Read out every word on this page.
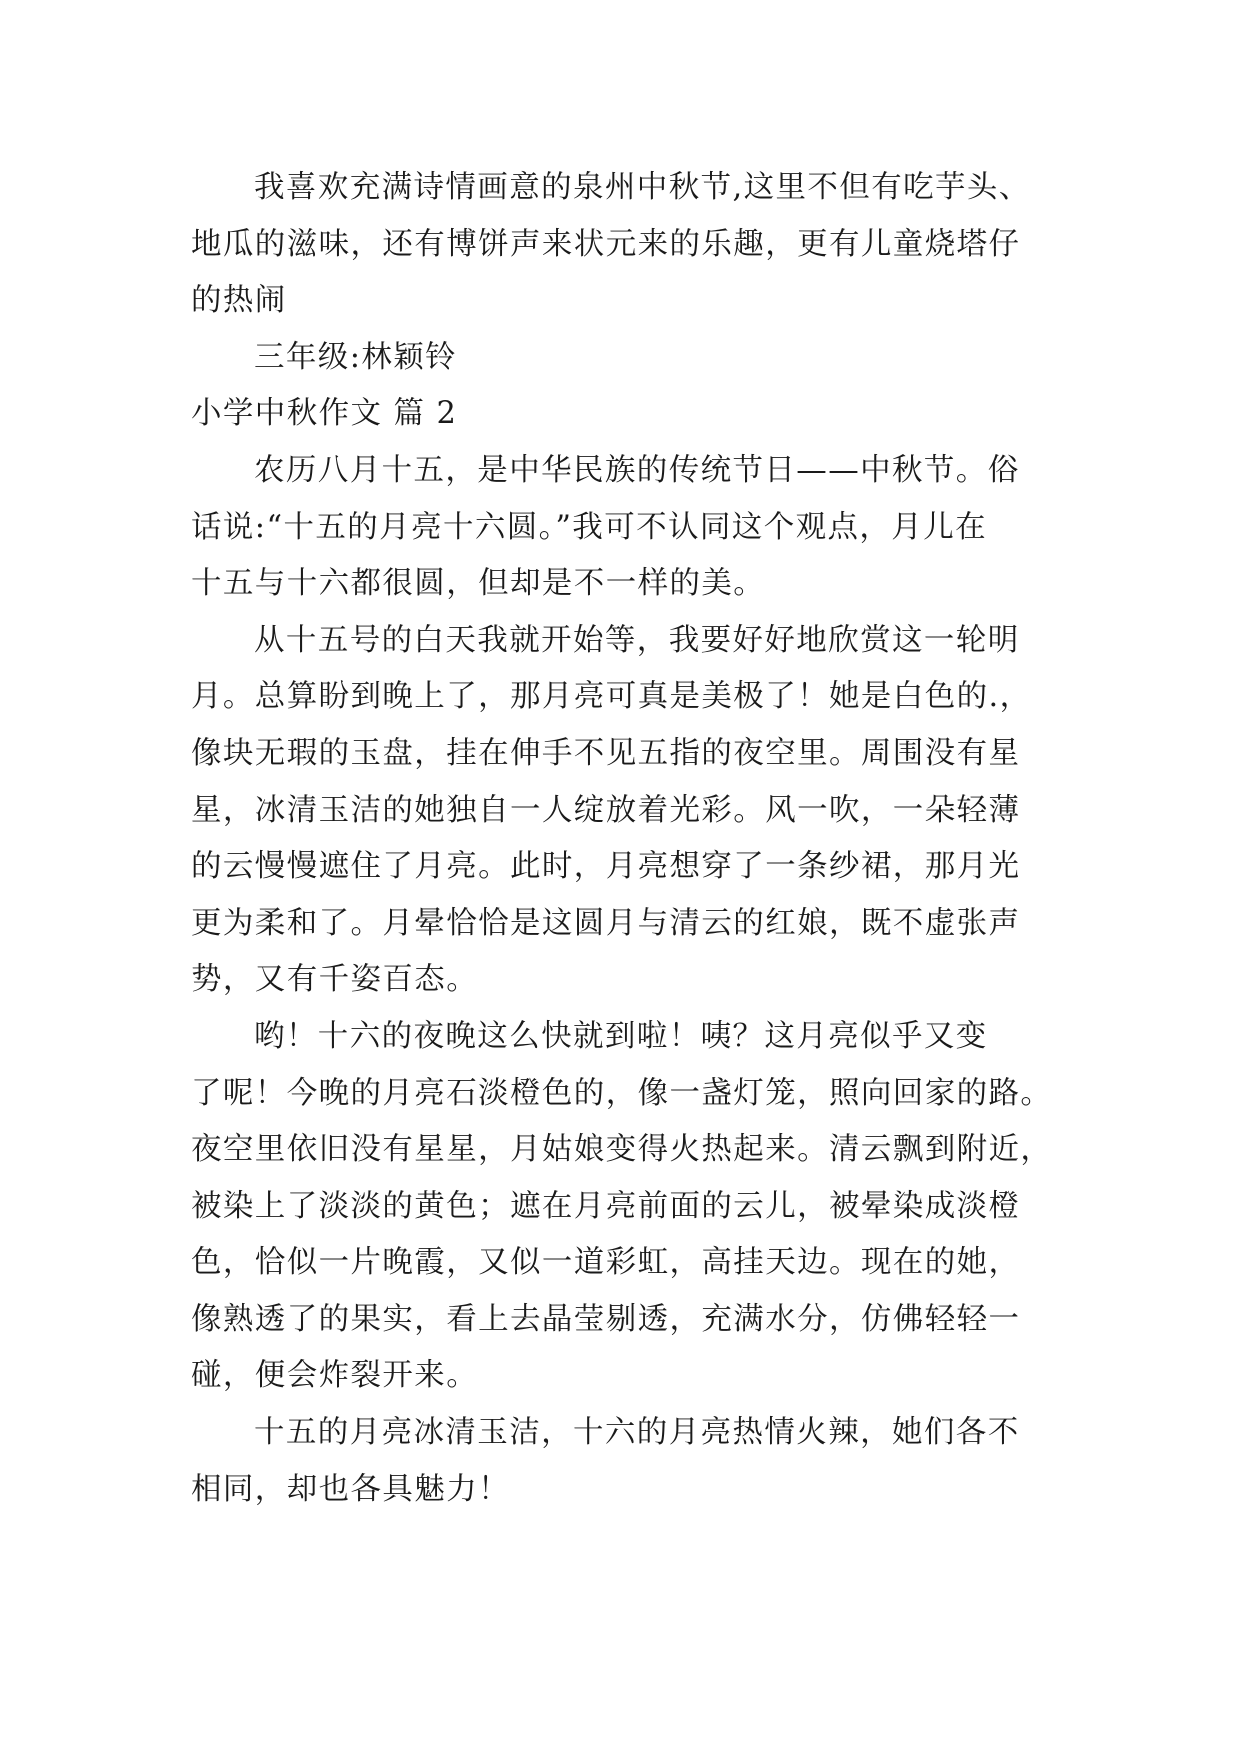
我喜欢充满诗情画意的泉州中秋节,这里不但有吃芋头、
地瓜的滋味，还有博饼声来状元来的乐趣，更有儿童烧塔仔
的热闹
三年级:林颖铃
小学中秋作文 篇 2
农历八月十五，是中华民族的传统节日——中秋节。俗
话说:“十五的月亮十六圆。”我可不认同这个观点，月儿在
十五与十六都很圆，但却是不一样的美。
从十五号的白天我就开始等，我要好好地欣赏这一轮明
月。总算盼到晚上了，那月亮可真是美极了！她是白色的.，
像块无瑕的玉盘，挂在伸手不见五指的夜空里。周围没有星
星，冰清玉洁的她独自一人绽放着光彩。风一吹，一朵轻薄
的云慢慢遮住了月亮。此时，月亮想穿了一条纱裙，那月光
更为柔和了。月晕恰恰是这圆月与清云的红娘，既不虚张声
势，又有千姿百态。
哟！十六的夜晚这么快就到啦！咦？这月亮似乎又变
了呢！今晚的月亮石淡橙色的，像一盏灯笼，照向回家的路。
夜空里依旧没有星星，月姑娘变得火热起来。清云飘到附近，
被染上了淡淡的黄色；遮在月亮前面的云儿，被晕染成淡橙
色，恰似一片晚霞，又似一道彩虹，高挂天边。现在的她，
像熟透了的果实，看上去晶莹剔透，充满水分，仿佛轻轻一
碰，便会炸裂开来。
十五的月亮冰清玉洁，十六的月亮热情火辣，她们各不
相同，却也各具魅力！
